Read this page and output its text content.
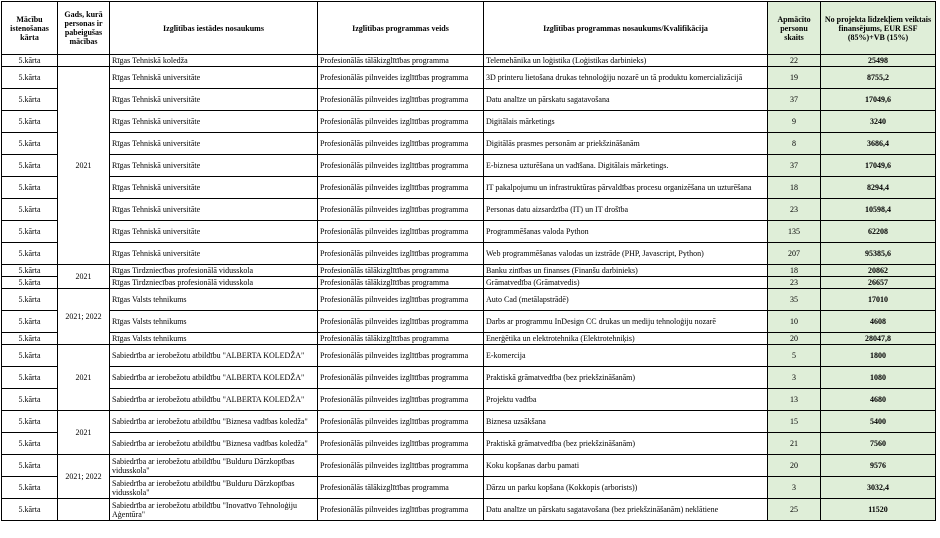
Mācību istenošanas kārta	Gads, kurā personas ir pabeigušas mācības	Izglītības iestādes nosaukums	Izglītības programmas veids	Izglītības programmas nosaukums/Kvalifikācija	Apmācīto personu skaits	No projekta līdzekļiem veiktais finansējums, EUR ESF (85%)+VB (15%)
5.kārta		Rīgas Tehniskā koledža	Profesionālās tālākizglītības programma	Telemehānika un loģistika (Loģistikas darbinieks)	22	25498
5.kārta	2021	Rīgas Tehniskā universitāte	Profesionālās pilnveides izglītības programma	3D printeru lietošana drukas tehnoloģiju nozarē un tā produktu komercializācijā	19	8755,2
5.kārta		Rīgas Tehniskā universitāte	Profesionālās pilnveides izglītības programma	Datu analīze un pārskatu sagatavošana	37	17049,6
5.kārta		Rīgas Tehniskā universitāte	Profesionālās pilnveides izglītības programma	Digitālais mārketings	9	3240
5.kārta		Rīgas Tehniskā universitāte	Profesionālās pilnveides izglītības programma	Digitālās prasmes personām ar priekšzināšanām	8	3686,4
5.kārta		Rīgas Tehniskā universitāte	Profesionālās pilnveides izglītības programma	E-biznesa uzturēšana un vadīšana. Digitālais mārketings.	37	17049,6
5.kārta		Rīgas Tehniskā universitāte	Profesionālās pilnveides izglītības programma	IT pakalpojumu un infrastruktūras pārvaldības procesu organizēšana un uzturēšana	18	8294,4
5.kārta		Rīgas Tehniskā universitāte	Profesionālās pilnveides izglītības programma	Personas datu aizsardzība (IT) un IT drošība	23	10598,4
5.kārta		Rīgas Tehniskā universitāte	Profesionālās pilnveides izglītības programma	Programmēšanas valoda Python	135	62208
5.kārta		Rīgas Tehniskā universitāte	Profesionālās pilnveides izglītības programma	Web programmēšanas valodas un izstrāde (PHP, Javascript, Python)	207	95385,6
5.kārta	2021	Rīgas Tirdzniecības profesionālā vidusskola	Profesionālās tālākizglītības programma	Banku zinības un finanses (Finanšu darbinieks)	18	20862
5.kārta		Rīgas Tirdzniecības profesionālā vidusskola	Profesionālās tālākizglītības programma	Grāmatvedība (Grāmatvedis)	23	26657
5.kārta	2021; 2022	Rīgas Valsts tehnikums	Profesionālās pilnveides izglītības programma	Auto Cad (metālapstrādē)	35	17010
5.kārta		Rīgas Valsts tehnikums	Profesionālās pilnveides izglītības programma	Darbs ar programmu InDesign CC drukas un mediju tehnoloģiju nozarē	10	4608
5.kārta		Rīgas Valsts tehnikums	Profesionālās tālākizglītības programma	Enerģētika un elektrotehnika (Elektrotehniķis)	20	28047,8
5.kārta	2021	Sabiedrība ar ierobežotu atbildību "ALBERTA KOLEDŽA"	Profesionālās pilnveides izglītības programma	E-komercija	5	1800
5.kārta		Sabiedrība ar ierobežotu atbildību "ALBERTA KOLEDŽA"	Profesionālās pilnveides izglītības programma	Praktiskā grāmatvedība (bez priekšzināšanām)	3	1080
5.kārta		Sabiedrība ar ierobežotu atbildību "ALBERTA KOLEDŽA"	Profesionālās pilnveides izglītības programma	Projektu vadība	13	4680
5.kārta	2021	Sabiedrība ar ierobežotu atbildību "Biznesa vadības koledža"	Profesionālās pilnveides izglītības programma	Biznesa uzsākšana	15	5400
5.kārta		Sabiedrība ar ierobežotu atbildību "Biznesa vadības koledža"	Profesionālās pilnveides izglītības programma	Praktiskā grāmatvedība (bez priekšzināšanām)	21	7560
5.kārta	2021; 2022	Sabiedrība ar ierobežotu atbildību "Bulduru Dārzkopības vidusskola"	Profesionālās pilnveides izglītības programma	Koku kopšanas darbu pamati	20	9576
5.kārta		Sabiedrība ar ierobežotu atbildību "Bulduru Dārzkopības vidusskola"	Profesionālās tālākizglītības programma	Dārzu un parku kopšana (Kokkopis (arborists))	3	3032,4
5.kārta		Sabiedrība ar ierobežotu atbildību "Inovatīvo Tehnoloģiju Aģentūra"	Profesionālās pilnveides izglītības programma	Datu analīze un pārskatu sagatavošana (bez priekšzināšanām) neklātiene	25	11520
